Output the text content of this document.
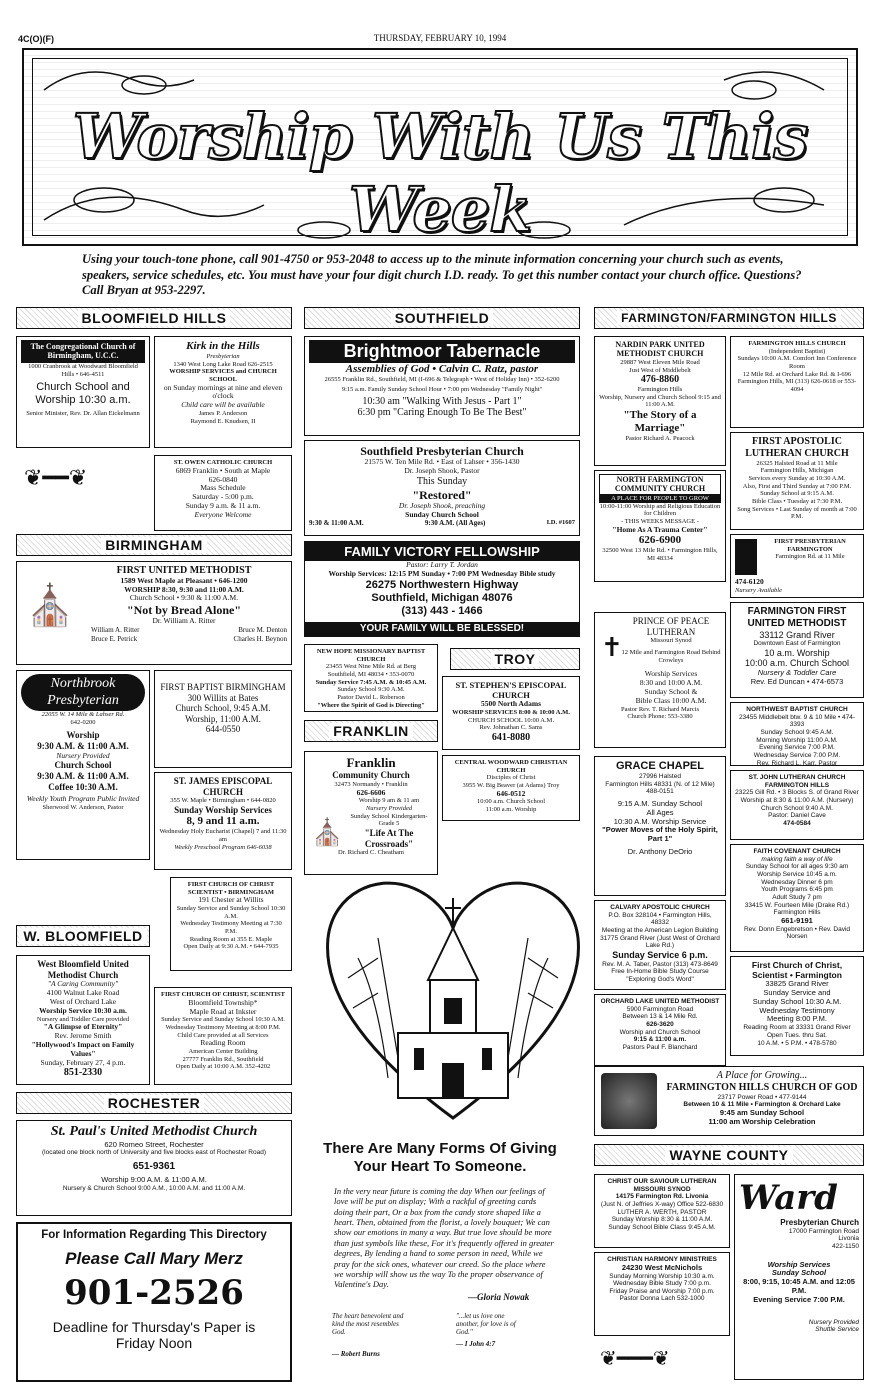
4C(O)(F)	THURSDAY, FEBRUARY 10, 1994
Worship With Us This Week
Using your touch-tone phone, call 901-4750 or 953-2048 to access up to the minute information concerning your church such as events, speakers, service schedules, etc. You must have your four digit church I.D. ready. To get this number contact your church office. Questions? Call Bryan at 953-2297.
BLOOMFIELD HILLS
The Congregational Church of Birmingham, U.C.C.
1000 Cranbrook at Woodward Bloomfield Hills • 646-4511
Church School and Worship 10:30 a.m.
Senior Minister, Rev. Dr. Allan Eickelmann
Kirk in the Hills
Presbyterian
1340 West Long Lake Road 626-2515
WORSHIP SERVICES and CHURCH SCHOOL
on Sunday mornings at nine and eleven o'clock
Child care will be available
James P. Anderson
Raymond E. Knudsen, II
❦━━❦
ST. OWEN CATHOLIC CHURCH
6869 Franklin • South at Maple
626-0840
Mass Schedule
Saturday - 5:00 p.m.
Sunday 9 a.m. & 11 a.m.
Everyone Welcome
BIRMINGHAM
FIRST UNITED METHODIST
1589 West Maple at Pleasant • 646-1200
WORSHIP 8:30, 9:30 and 11:00 A.M.
Church School • 9:30 & 11:00 A.M.
"Not by Bread Alone"
Dr. William A. Ritter
William A. Ritter	Bruce M. Denton
Bruce E. Petrick	Charles H. Beynon
⛪
Northbrook Presbyterian
22055 W. 14 Mile & Lahser Rd.
642-0200
Worship
9:30 A.M. & 11:00 A.M.
Nursery Provided
Church School
9:30 A.M. & 11:00 A.M.
Coffee 10:30 A.M.
Weekly Youth Program Public Invited
Sherwood W. Anderson, Pastor
FIRST BAPTIST BIRMINGHAM
300 Willits at Bates
Church School, 9:45 A.M.
Worship, 11:00 A.M.
644-0550
ST. JAMES EPISCOPAL CHURCH
355 W. Maple • Birmingham • 644-0820
Sunday Worship Services
8, 9 and 11 a.m.
Wednesday Holy Eucharist (Chapel) 7 and 11:30 am
Weekly Preschool Program 646-6038
FIRST CHURCH OF CHRIST SCIENTIST • BIRMINGHAM
191 Chester at Willits
Sunday Service and Sunday School 10:30 A.M.
Wednesday Testimony Meeting at 7:30 P.M.
Reading Room at 355 E. Maple
Open Daily at 9:30 A.M. • 644-7935
W. BLOOMFIELD
West Bloomfield United Methodist Church
"A Caring Community"
4100 Walnut Lake Road
West of Orchard Lake
Worship Service 10:30 a.m.
Nursery and Toddler Care provided
"A Glimpse of Eternity"
Rev. Jerome Smith
"Hollywood's Impact on Family Values"
Sunday, February 27, 4 p.m.
851-2330
FIRST CHURCH OF CHRIST, SCIENTIST
Bloomfield Township*
Maple Road at Inkster
Sunday Service and Sunday School 10:30 A.M.
Wednesday Testimony Meeting at 8:00 P.M.
Child Care provided at all Services
Reading Room
American Center Building
27777 Franklin Rd., Southfield
Open Daily at 10:00 A.M. 352-4202
ROCHESTER
St. Paul's United Methodist Church
620 Romeo Street, Rochester
(located one block north of University and five blocks east of Rochester Road)
651-9361
Worship 9:00 A.M. & 11:00 A.M.
Nursery & Church School 9:00 A.M., 10:00 A.M. and 11:00 A.M.
For Information Regarding This Directory
Please Call Mary Merz
901-2526
Deadline for Thursday's Paper is Friday Noon
SOUTHFIELD
Brightmoor Tabernacle
Assemblies of God • Calvin C. Ratz, pastor
26555 Franklin Rd., Southfield, MI (I-696 & Telegraph • West of Holiday Inn) • 352-6200
9:15 a.m. Family Sunday School Hour • 7:00 pm Wednesday "Family Night"
10:30 am "Walking With Jesus - Part 1"
6:30 pm "Caring Enough To Be The Best"
Southfield Presbyterian Church
21575 W. Ten Mile Rd. • East of Lahser • 356-1430
Dr. Joseph Shook, Pastor
This Sunday
"Restored"
Dr. Joseph Shook, preaching
Sunday Church School
9:30 & 11:00 A.M.	9:30 A.M. (All Ages)	I.D. #1607
FAMILY VICTORY FELLOWSHIP
Pastor: Larry T. Jordan
Worship Services: 12:15 PM Sunday • 7:00 PM Wednesday Bible study
26275 Northwestern Highway
Southfield, Michigan 48076
(313) 443 - 1466
YOUR FAMILY WILL BE BLESSED!
NEW HOPE MISSIONARY BAPTIST CHURCH
23455 West Nine Mile Rd. at Berg
Southfield, MI 48034 • 353-0070
Sunday Service 7:45 A.M. & 10:45 A.M.
Sunday School 9:30 A.M.
Pastor David L. Roberson
"Where the Spirit of God is Directing"
TROY
ST. STEPHEN'S EPISCOPAL CHURCH
5500 North Adams
WORSHIP SERVICES 8:00 & 10:00 A.M.
CHURCH SCHOOL 10:00 A.M.
Rev. Johnathan C. Sams
641-8080
FRANKLIN
Franklin
Community Church
32473 Normandy • Franklin
626-6606
Worship 9 am & 11 am
Nursery Provided
Sunday School Kindergarten-Grade 5
"Life At The Crossroads"
Dr. Richard C. Cheatham
⛪
CENTRAL WOODWARD CHRISTIAN CHURCH
Disciples of Christ
3955 W. Big Beaver (at Adams) Troy
646-0512
10:00 a.m. Church School
11:00 a.m. Worship
There Are Many Forms Of Giving Your Heart To Someone.
In the very near future is coming the day When our feelings of love will be put on display; With a rackful of greeting cards doing their part, Or a box from the candy store shaped like a heart. Then, obtained from the florist, a lovely bouquet; We can show our emotions in many a way. But true love should be more than just symbols like these, For it's frequently offered in greater degrees, By lending a hand to some person in need, While we pray for the sick ones, whatever our creed. So the place where we worship will show us the way To the proper observance of Valentine's Day.
—Gloria Nowak
The heart benevolent and kind the most resembles God.
— Robert Burns
"...let us love one another, for love is of God."
— I John 4:7
FARMINGTON/FARMINGTON HILLS
NARDIN PARK UNITED METHODIST CHURCH
29887 West Eleven Mile Road
Just West of Middlebelt
476-8860
Farmington Hills
Worship, Nursery and Church School 9:15 and 11:00 A.M.
"The Story of a Marriage"
Pastor Richard A. Peacock
FARMINGTON HILLS CHURCH
(Independent Baptist)
Sundays 10:00 A.M. Comfort Inn Conference Room
12 Mile Rd. at Orchard Lake Rd. & I-696
Farmington Hills, MI (313) 626-0618 or 553-4094
FIRST APOSTOLIC LUTHERAN CHURCH
26325 Halsted Road at 11 Mile
Farmington Hills, Michigan
Services every Sunday at 10:30 A.M.
Also, First and Third Sunday at 7:00 P.M.
Sunday School at 9:15 A.M.
Bible Class • Tuesday at 7:30 P.M.
Song Services • Last Sunday of month at 7:00 P.M.
NORTH FARMINGTON COMMUNITY CHURCH
A PLACE FOR PEOPLE TO GROW
10:00-11:00 Worship and Religious Education for Children
- THIS WEEKS MESSAGE -
"Home As A Trauma Center"
626-6900
32500 West 13 Mile Rd. • Farmington Hills, MI 48334
FIRST PRESBYTERIAN FARMINGTON
Farmington Rd. at 11 Mile
474-6120
Nursery Available
PRINCE OF PEACE LUTHERAN
Missouri Synod
12 Mile and Farmington Road Behind Crowleys
Worship Services
8:30 and 10:00 A.M.
Sunday School &
Bible Class 10:00 A.M.
Pastor Rev. T. Richard Marcis
Church Phone: 553-3380
✝
FARMINGTON FIRST UNITED METHODIST
33112 Grand River
Downtown East of Farmington
10 a.m. Worship
10:00 a.m. Church School
Nursery & Toddler Care
Rev. Ed Duncan • 474-6573
NORTHWEST BAPTIST CHURCH
23455 Middlebelt btw. 9 & 10 Mile • 474-3393
Sunday School 9:45 A.M.
Morning Worship 11:00 A.M.
Evening Service 7:00 P.M.
Wednesday Service 7:00 P.M.
Rev. Richard L. Karr, Pastor
GRACE CHAPEL
27996 Halsted
Farmington Hills 48331 (N. of 12 Mile)
488-0151
9:15 A.M. Sunday School
All Ages
10:30 A.M. Worship Service
"Power Moves of the Holy Spirit, Part 1"
Dr. Anthony DeOrio
ST. JOHN LUTHERAN CHURCH FARMINGTON HILLS
23225 Gill Rd. • 3 Blocks S. of Grand River
Worship at 8:30 & 11:00 A.M. (Nursery)
Church School 9:40 A.M.
Pastor: Daniel Cave
474-0584
FAITH COVENANT CHURCH
making faith a way of life
Sunday School for all ages 9:30 am
Worship Service 10:45 a.m.
Wednesday Dinner 6 pm
Youth Programs 6:45 pm
Adult Study 7 pm
33415 W. Fourteen Mile (Drake Rd.) Farmington Hills
661-9191
Rev. Donn Engebretson • Rev. David Norsen
CALVARY APOSTOLIC CHURCH
P.O. Box 328104 • Farmington Hills, 48332
Meeting at the American Legion Building
31775 Grand River (Just West of Orchard Lake Rd.)
Sunday Service 6 p.m.
Rev. M. A. Taber, Pastor (313) 473-8649
Free In-Home Bible Study Course
"Exploring God's Word"
First Church of Christ, Scientist • Farmington
33825 Grand River
Sunday Service and
Sunday School 10:30 A.M.
Wednesday Testimony
Meeting 8:00 P.M.
Reading Room at 33331 Grand River
Open Tues. thru Sat.
10 A.M. • 5 P.M. • 478-5780
ORCHARD LAKE UNITED METHODIST
5900 Farmington Road
Between 13 & 14 Mile Rd.
626-3620
Worship and Church School
9:15 & 11:00 a.m.
Pastors Paul F. Blanchard
A Place for Growing...
FARMINGTON HILLS CHURCH OF GOD
23717 Power Road • 477-9144
Between 10 & 11 Mile • Farmington & Orchard Lake
9:45 am Sunday School
11:00 am Worship Celebration
WAYNE COUNTY
CHRIST OUR SAVIOUR LUTHERAN MISSOURI SYNOD
14175 Farmington Rd. Livonia
(Just N. of Jeffries X-way) Office 522-6830
LUTHER A. WERTH, PASTOR
Sunday Worship 8:30 & 11:00 A.M.
Sunday School Bible Class 9:45 A.M.
CHRISTIAN HARMONY MINISTRIES
24230 West McNichols
Sunday Morning Worship 10:30 a.m.
Wednesday Bible Study 7:00 p.m.
Friday Praise and Worship 7:00 p.m.
Pastor Donna Lach 532-1000
❦━━━❦
Ward
Presbyterian Church
17000 Farmington Road
Livonia
422-1150
Worship Services
Sunday School
8:00, 9:15, 10:45 A.M. and 12:05 P.M.
Evening Service 7:00 P.M.
Nursery Provided
Shuttle Service
